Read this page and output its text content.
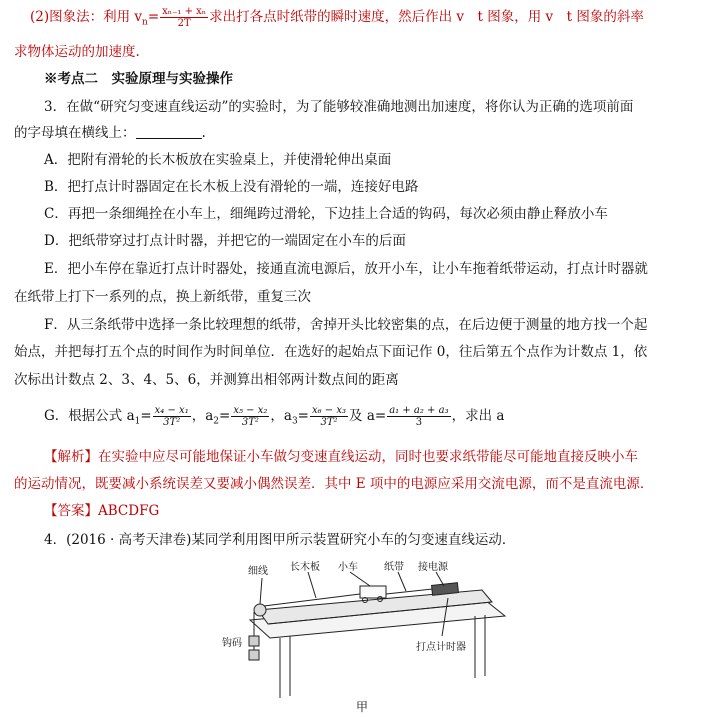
(2)图象法：利用 $v_n= \frac{\text{xₙ₋₁ + xₙ}}{2T}$ 求出打各点时纸带的瞬时速度，然后作出 v　t 图象，用 v　t 图象的斜率
求物体运动的加速度.
※考点二　实验原理与实验操作
3．在做“研究匀变速直线运动”的实验时，为了能够较准确地测出加速度，将你认为正确的选项前面
的字母填在横线上：	.
A．把附有滑轮的长木板放在实验桌上，并使滑轮伸出桌面
B．把打点计时器固定在长木板上没有滑轮的一端，连接好电路
C．再把一条细绳拴在小车上，细绳跨过滑轮，下边挂上合适的钩码，每次必须由静止释放小车
D．把纸带穿过打点计时器，并把它的一端固定在小车的后面
E．把小车停在靠近打点计时器处，接通直流电源后，放开小车，让小车拖着纸带运动，打点计时器就
在纸带上打下一系列的点，换上新纸带，重复三次
F．从三条纸带中选择一条比较理想的纸带，舍掉开头比较密集的点，在后边便于测量的地方找一个起
始点，并把每打五个点的时间作为时间单位．在选好的起始点下面记作 0，往后第五个点作为计数点 1，依
次标出计数点 2、3、4、5、6，并测算出相邻两计数点间的距离
G．根据公式 $a_1= \frac{\text{x₄ − x₁}}{\text{3T²}}$ ，$a_2= \frac{\text{x₅ − x₂}}{\text{3T²}}$ ，$a_3= \frac{\text{x₆ − x₃}}{\text{3T²}}$ 及 $a= \frac{\text{a₁ + a₂ + a₃}}{3}$ ，求出 a
【解析】在实验中应尽可能地保证小车做匀变速直线运动，同时也要求纸带能尽可能地直接反映小车
的运动情况，既要减小系统误差又要减小偶然误差．其中 E 项中的电源应采用交流电源，而不是直流电源．
【答案】ABCDFG
4．(2016 · 高考天津卷)某同学利用图甲所示装置研究小车的匀变速直线运动．
细线 长木板 小车	纸带 接电源
钩码	打点计时器
甲
